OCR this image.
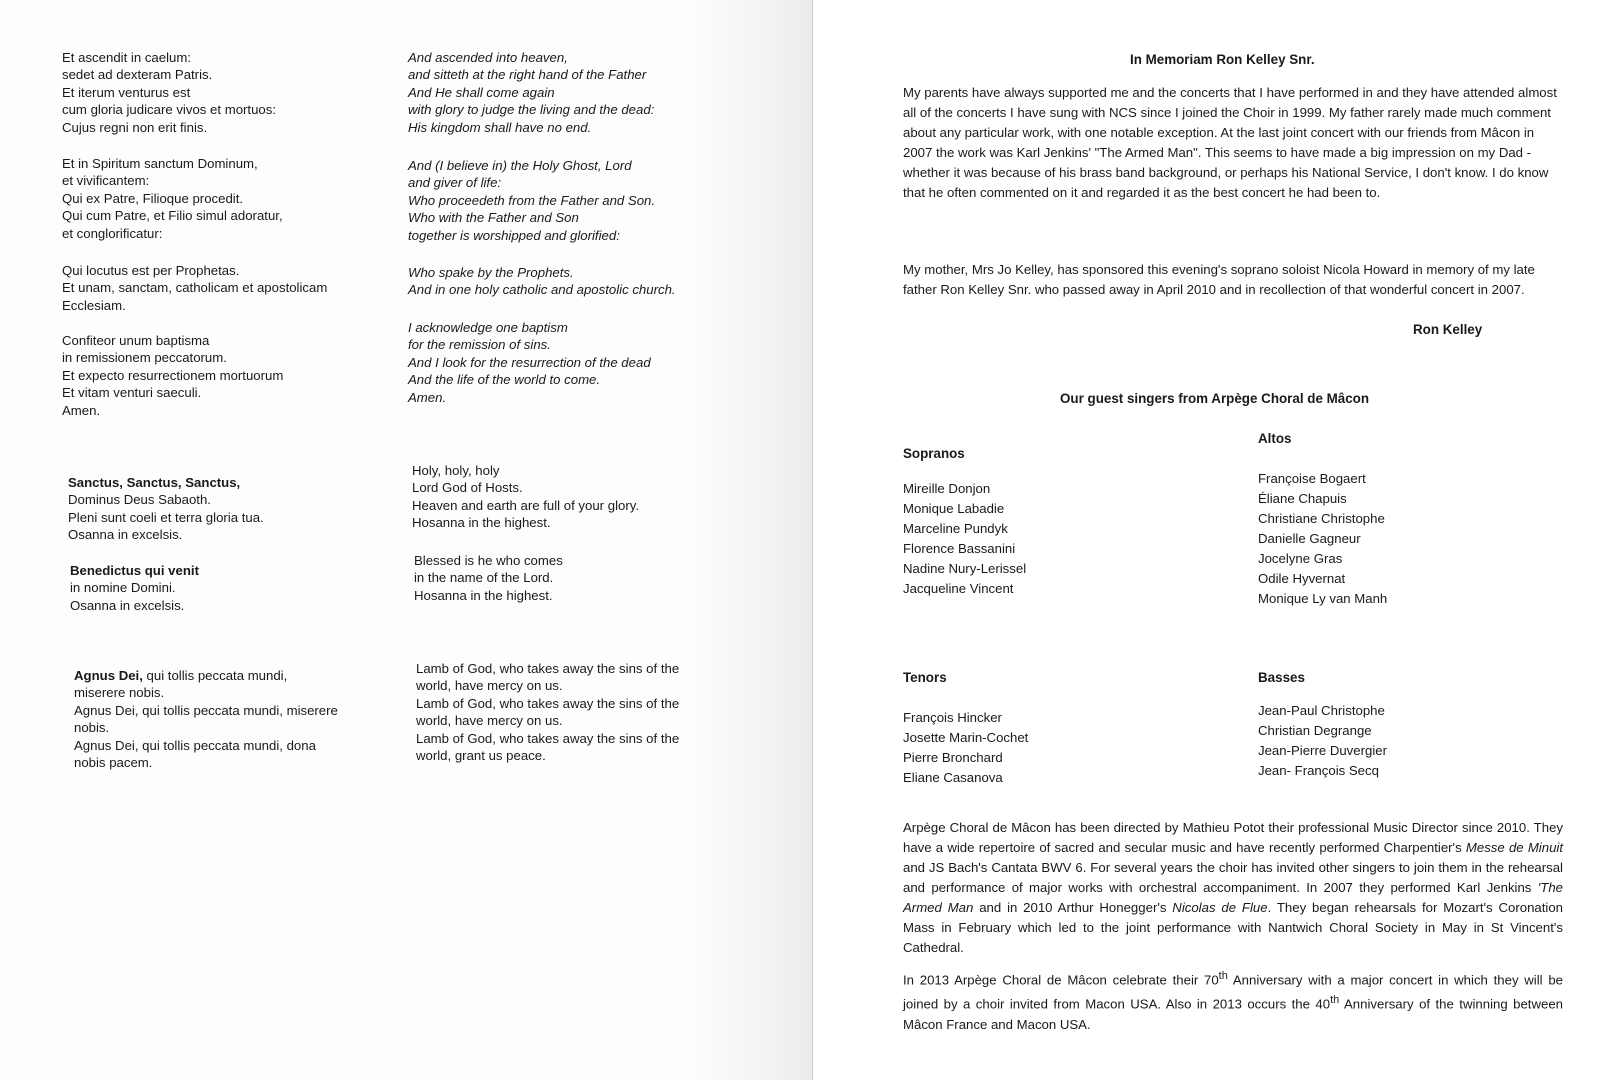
Et ascendit in caelum:
sedet ad dexteram Patris.
Et iterum venturus est
cum gloria judicare vivos et mortuos:
Cujus regni non erit finis.
And ascended into heaven,
and sitteth at the right hand of the Father
And He shall come again
with glory to judge the living and the dead:
His kingdom shall have no end.
Et in Spiritum sanctum Dominum,
et vivificantem:
Qui ex Patre, Filioque procedit.
Qui cum Patre, et Filio simul adoratur,
et conglorificatur:
And (I believe in) the Holy Ghost, Lord
and giver of life:
Who proceedeth from the Father and Son.
Who with the Father and Son
together is worshipped and glorified:
Qui locutus est per Prophetas.
Et unam, sanctam, catholicam et apostolicam
Ecclesiam.
Who spake by the Prophets.
And in one holy catholic and apostolic church.
Confiteor unum baptisma
in remissionem peccatorum.
Et expecto resurrectionem mortuorum
Et vitam venturi saeculi.
Amen.
I acknowledge one baptism
for the remission of sins.
And I look for the resurrection of the dead
And the life of the world to come.
Amen.
Sanctus, Sanctus, Sanctus,
Dominus Deus Sabaoth.
Pleni sunt coeli et terra gloria tua.
Osanna in excelsis.
Holy, holy, holy
Lord God of Hosts.
Heaven and earth are full of your glory.
Hosanna in the highest.
Benedictus qui venit
in nomine Domini.
Osanna in excelsis.
Blessed is he who comes
in the name of the Lord.
Hosanna in the highest.
Agnus Dei, qui tollis peccata mundi,
miserere nobis.
Agnus Dei, qui tollis peccata mundi, miserere
nobis.
Agnus Dei, qui tollis peccata mundi, dona
nobis pacem.
Lamb of God, who takes away the sins of the
world, have mercy on us.
Lamb of God, who takes away the sins of the
world, have mercy on us.
Lamb of God, who takes away the sins of the
world, grant us peace.
In Memoriam Ron Kelley Snr.
My parents have always supported me and the concerts that I have performed in and they have attended almost all of the concerts I have sung with NCS since I joined the Choir in 1999. My father rarely made much comment about any particular work, with one notable exception. At the last joint concert with our friends from Mâcon in 2007 the work was Karl Jenkins' "The Armed Man". This seems to have made a big impression on my Dad - whether it was because of his brass band background, or perhaps his National Service, I don't know. I do know that he often commented on it and regarded it as the best concert he had been to.
My mother, Mrs Jo Kelley, has sponsored this evening's soprano soloist Nicola Howard in memory of my late father Ron Kelley Snr. who passed away in April 2010 and in recollection of that wonderful concert in 2007.
Ron Kelley
Our guest singers from Arpège Choral de Mâcon
Sopranos
Mireille Donjon
Monique Labadie
Marceline Pundyk
Florence Bassanini
Nadine Nury-Lerissel
Jacqueline Vincent
Altos
Françoise Bogaert
Éliane Chapuis
Christiane Christophe
Danielle Gagneur
Jocelyne Gras
Odile Hyvernat
Monique Ly van Manh
Tenors
François Hincker
Josette Marin-Cochet
Pierre Bronchard
Eliane Casanova
Basses
Jean-Paul Christophe
Christian Degrange
Jean-Pierre Duvergier
Jean- François Secq
Arpège Choral de Mâcon has been directed by Mathieu Potot their professional Music Director since 2010. They have a wide repertoire of sacred and secular music and have recently performed Charpentier's Messe de Minuit and JS Bach's Cantata BWV 6. For several years the choir has invited other singers to join them in the rehearsal and performance of major works with orchestral accompaniment. In 2007 they performed Karl Jenkins 'The Armed Man and in 2010 Arthur Honegger's Nicolas de Flue. They began rehearsals for Mozart's Coronation Mass in February which led to the joint performance with Nantwich Choral Society in May in St Vincent's Cathedral.
In 2013 Arpège Choral de Mâcon celebrate their 70th Anniversary with a major concert in which they will be joined by a choir invited from Macon USA. Also in 2013 occurs the 40th Anniversary of the twinning between Mâcon France and Macon USA.
